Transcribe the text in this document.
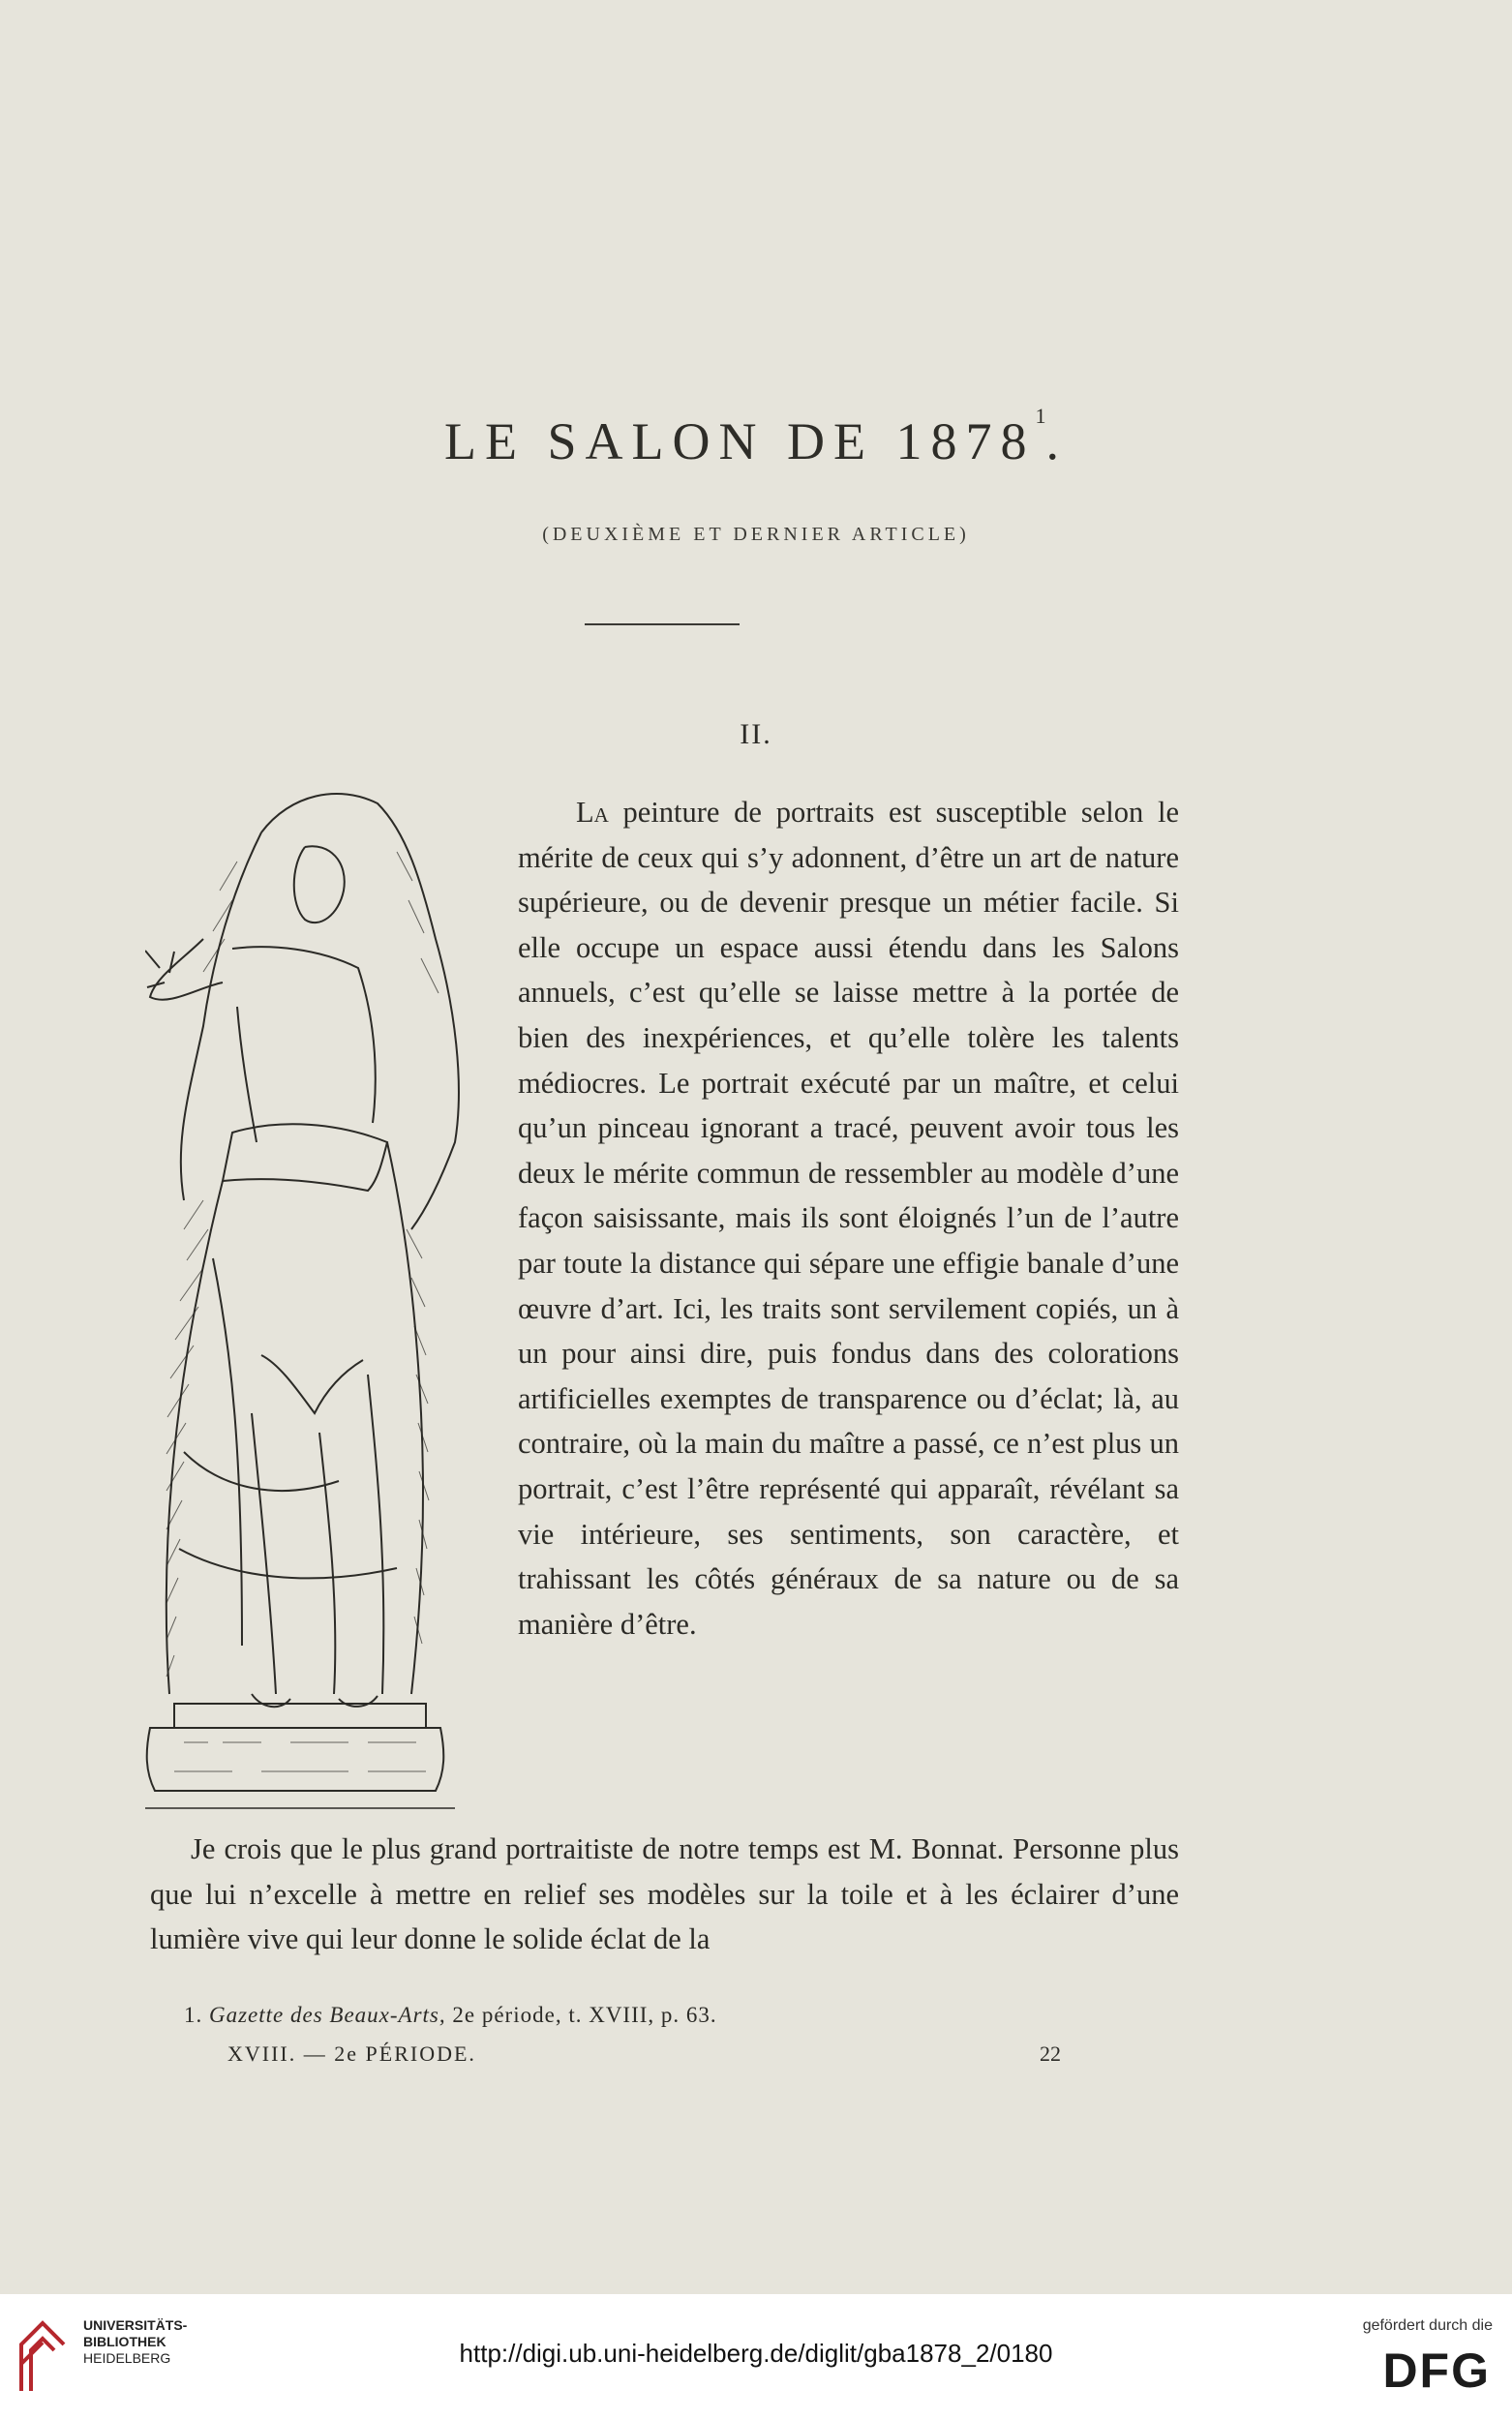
LE SALON DE 1878$^1$.
(DEUXIÈME ET DERNIER ARTICLE)
II.

La peinture de portraits est susceptible selon le mérite de ceux qui s’y adonnent, d’être un art de nature supérieure, ou de devenir presque un métier facile. Si elle occupe un espace aussi étendu dans les Salons annuels, c’est qu’elle se laisse mettre à la portée de bien des inexpériences, et qu’elle tolère les talents médiocres. Le portrait exécuté par un maître, et celui qu’un pinceau ignorant a tracé, peuvent avoir tous les deux le mérite commun de ressembler au modèle d’une façon saisissante, mais ils sont éloignés l’un de l’autre par toute la distance qui sépare une effigie banale d’une œuvre d’art. Ici, les traits sont servilement copiés, un à un pour ainsi dire, puis fondus dans des colorations artificielles exemptes de transparence ou d’éclat; là, au contraire, où la main du maître a passé, ce n’est plus un portrait, c’est l’être représenté qui apparaît, révélant sa vie intérieure, ses sentiments, son caractère, et trahissant les côtés généraux de sa nature ou de sa manière d’être.

Je crois que le plus grand portraitiste de notre temps est M. Bonnat. Personne plus que lui n’excelle à mettre en relief ses modèles sur la toile et à les éclairer d’une lumière vive qui leur donne le solide éclat de la

1. Gazette des Beaux-Arts, 2e période, t. XVIII, p. 63.
XVIII. — 2e PÉRIODE.	22
UNIVERSITÄTS-
BIBLIOTHEK
HEIDELBERG	http://digi.ub.uni-heidelberg.de/diglit/gba1878_2/0180
gefördert durch die
DFG
